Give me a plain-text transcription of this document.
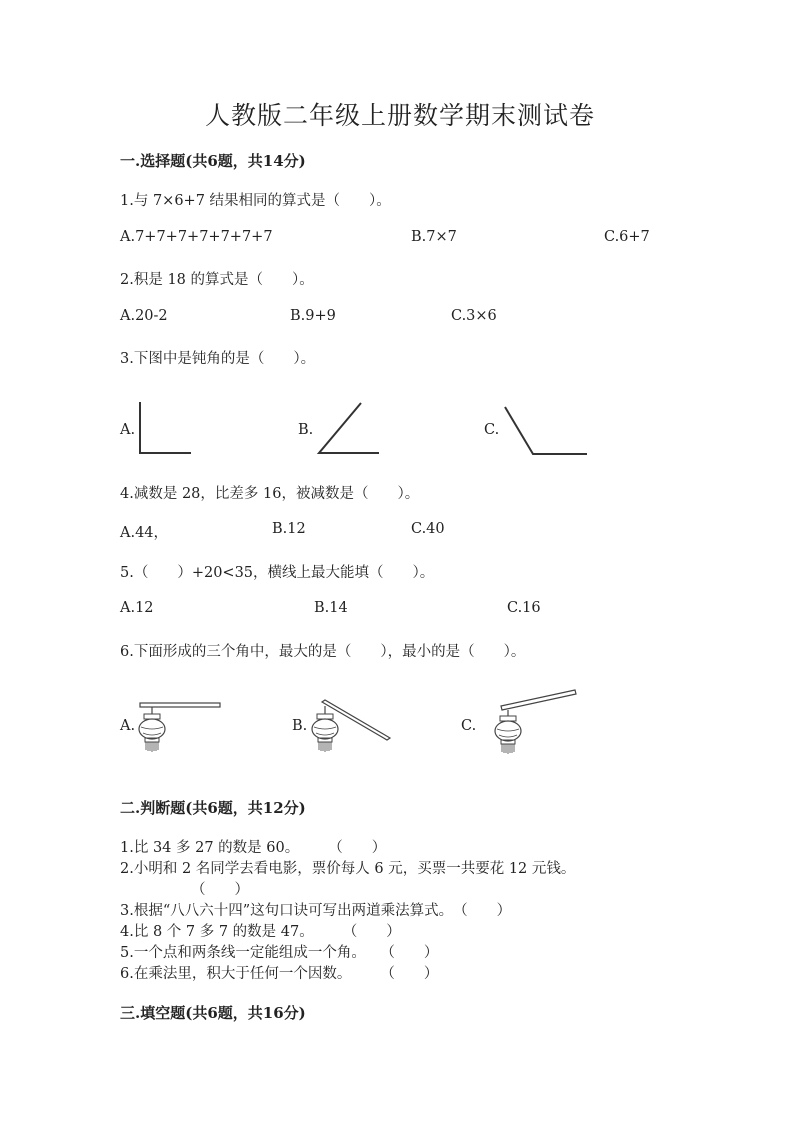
人教版二年级上册数学期末测试卷
一.选择题(共6题，共14分)
1.与 7×6+7 结果相同的算式是（　　）。
A.7+7+7+7+7+7+7	B.7×7	C.6+7
2.积是 18 的算式是（　　）。
A.20-2	B.9+9	C.3×6
3.下图中是钝角的是（　　）。
A.	B.	C.
4.减数是 28，比差多 16，被减数是（　　）。
A.44，	B.12	C.40
5.（　　）+20<35，横线上最大能填（　　）。
A.12	B.14	C.16
6.下面形成的三个角中，最大的是（　　），最小的是（　　）。
A.	B.	C.
二.判断题(共6题，共12分)
1.比 34 多 27 的数是 60。　　　（　　）
2.小明和 2 名同学去看电影，票价每人 6 元，买票一共要花 12 元钱。
（　　）
3.根据“八八六十四”这句口诀可写出两道乘法算式。　（　　）
4.比 8 个 7 多 7 的数是 47。　　　（　　）
5.一个点和两条线一定能组成一个角。　　（　　）
6.在乘法里，积大于任何一个因数。　　　（　　）
三.填空题(共6题，共16分)
